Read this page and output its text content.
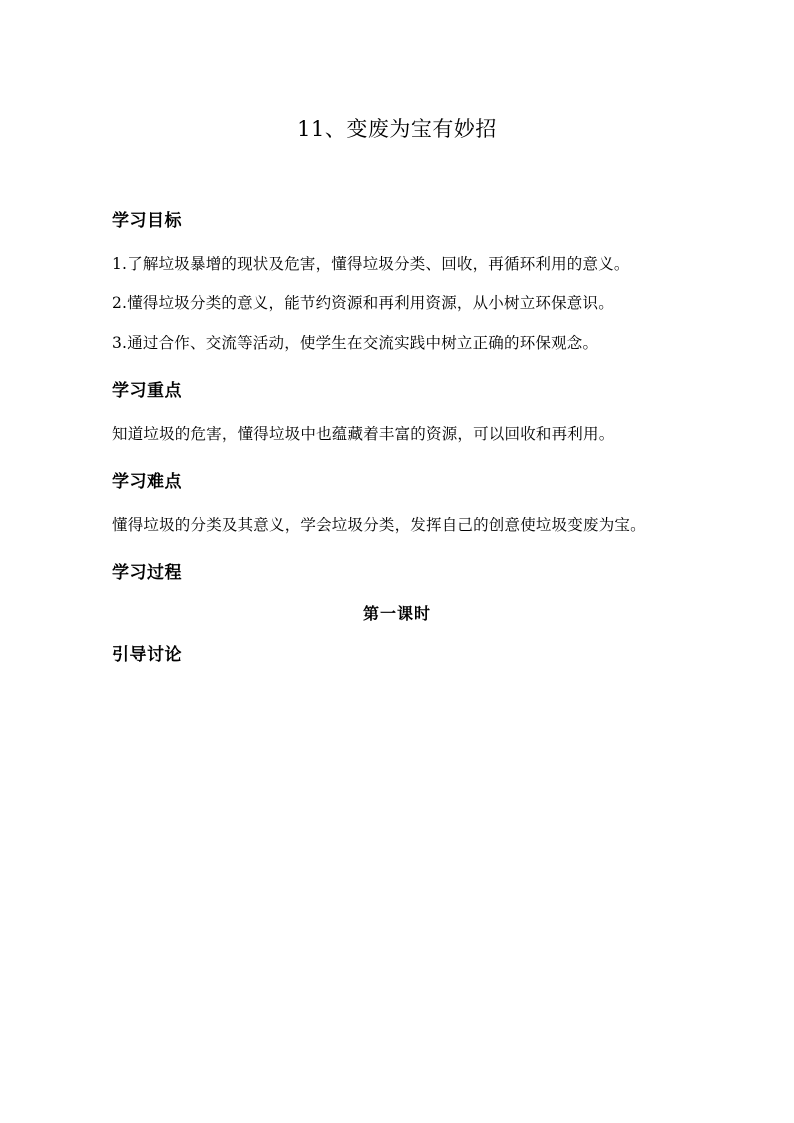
11、变废为宝有妙招
学习目标

1.了解垃圾暴增的现状及危害，懂得垃圾分类、回收，再循环利用的意义。

2.懂得垃圾分类的意义，能节约资源和再利用资源，从小树立环保意识。

3.通过合作、交流等活动，使学生在交流实践中树立正确的环保观念。

学习重点

知道垃圾的危害，懂得垃圾中也蕴藏着丰富的资源，可以回收和再利用。

学习难点

懂得垃圾的分类及其意义，学会垃圾分类，发挥自己的创意使垃圾变废为宝。

学习过程
第一课时
引导讨论
